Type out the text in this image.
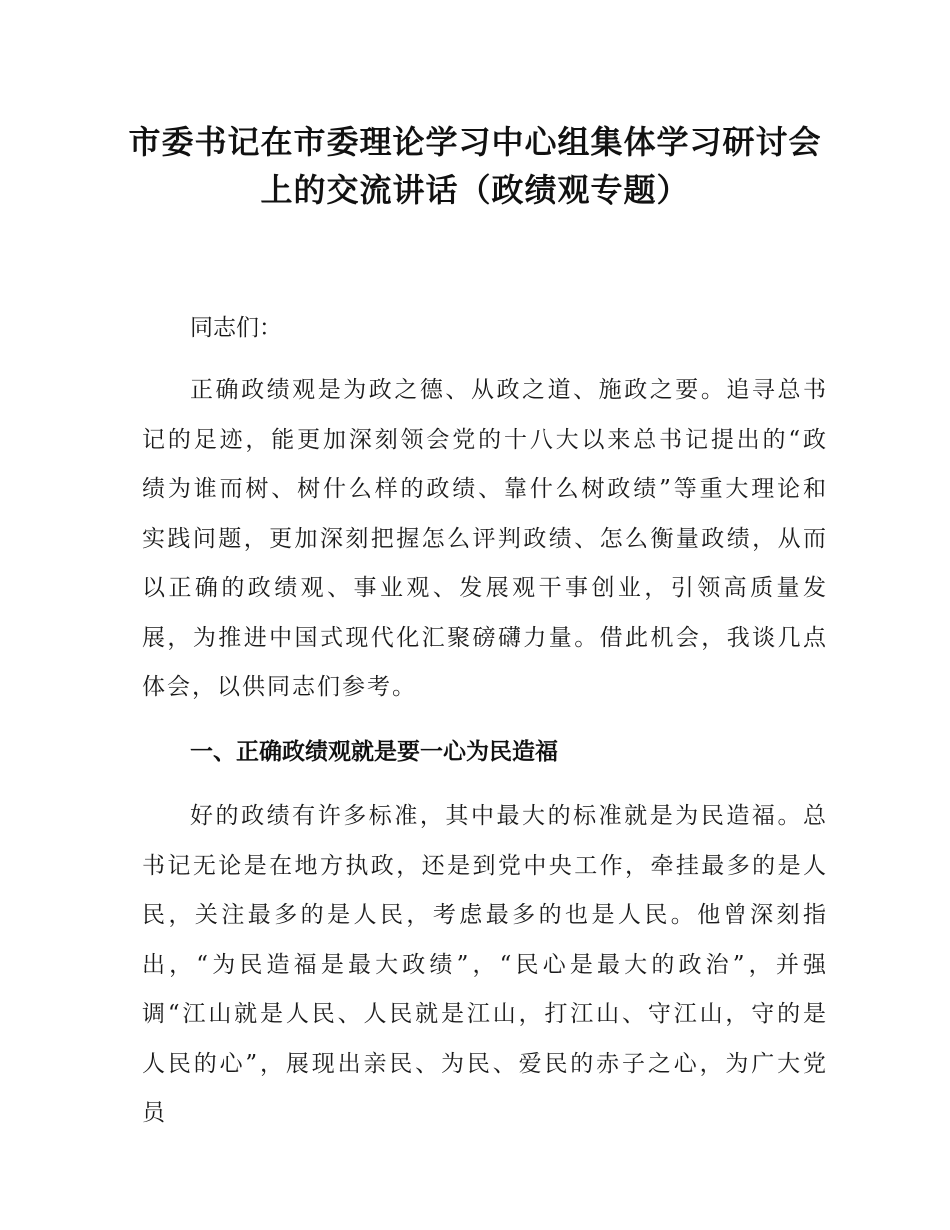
市委书记在市委理论学习中心组集体学习研讨会上的交流讲话（政绩观专题）

同志们：

正确政绩观是为政之德、从政之道、施政之要。追寻总书记的足迹，能更加深刻领会党的十八大以来总书记提出的“政绩为谁而树、树什么样的政绩、靠什么树政绩”等重大理论和实践问题，更加深刻把握怎么评判政绩、怎么衡量政绩，从而以正确的政绩观、事业观、发展观干事创业，引领高质量发展，为推进中国式现代化汇聚磅礴力量。借此机会，我谈几点体会，以供同志们参考。

一、正确政绩观就是要一心为民造福

好的政绩有许多标准，其中最大的标准就是为民造福。总书记无论是在地方执政，还是到党中央工作，牵挂最多的是人民，关注最多的是人民，考虑最多的也是人民。他曾深刻指出，“为民造福是最大政绩”，“民心是最大的政治”，并强调“江山就是人民、人民就是江山，打江山、守江山，守的是人民的心”，展现出亲民、为民、爱民的赤子之心，为广大党员
